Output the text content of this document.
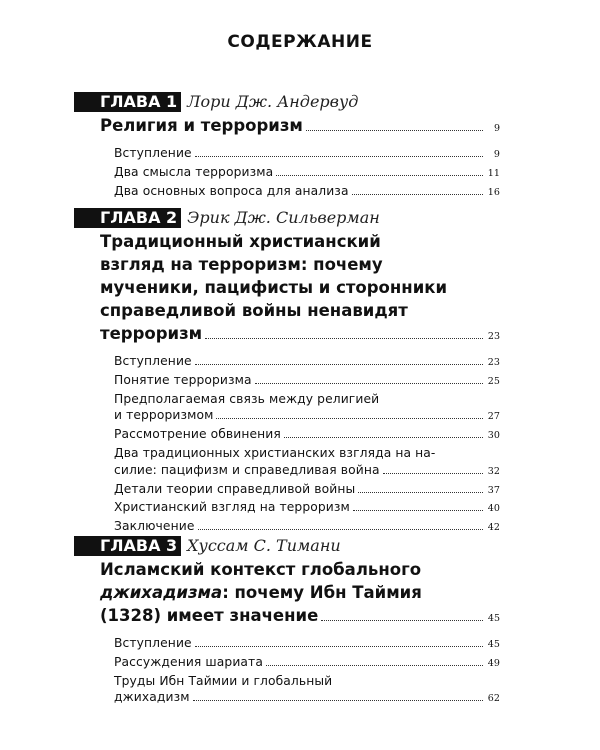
СОДЕРЖАНИЕ
ГЛАВА 1 Лори Дж. Андервуд
Религия и терроризм	9
Вступление	9
Два смысла терроризма	11
Два основных вопроса для анализа	16
ГЛАВА 2 Эрик Дж. Сильверман
Традиционный христианский
взгляд на терроризм: почему
мученики, пацифисты и сторонники
справедливой войны ненавидят
терроризм	23
Вступление	23
Понятие терроризма	25
Предполагаемая связь между религией
и терроризмом	27
Рассмотрение обвинения	30
Два традиционных христианских взгляда на на-
силие: пацифизм и справедливая война	32
Детали теории справедливой войны	37
Христианский взгляд на терроризм	40
Заключение	42
ГЛАВА 3 Хуссам С. Тимани
Исламский контекст глобального
джихадизма: почему Ибн Таймия
(1328) имеет значение	45
Вступление	45
Рассуждения шариата	49
Труды Ибн Таймии и глобальный
джихадизм	62
